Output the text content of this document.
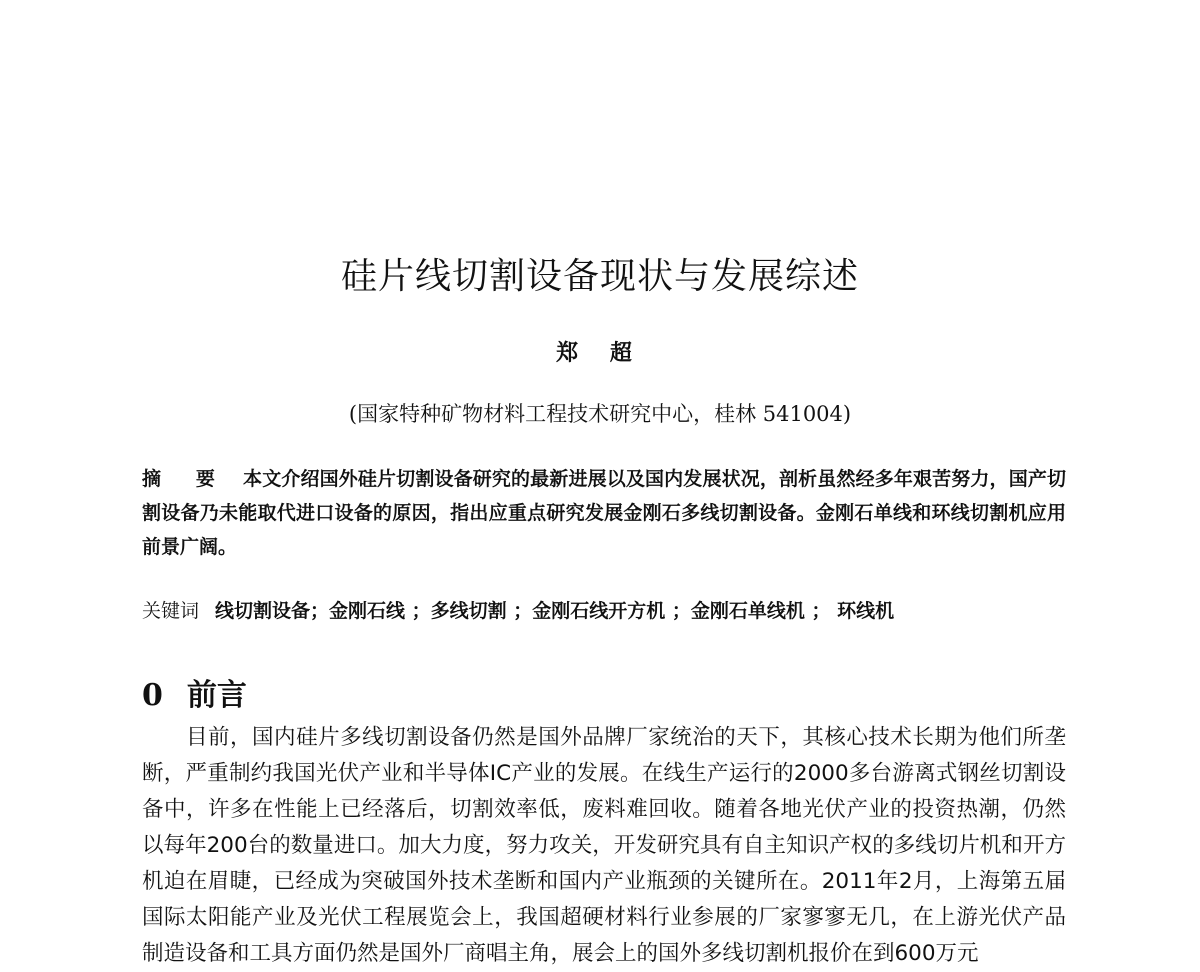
硅片线切割设备现状与发展综述

郑 超

(国家特种矿物材料工程技术研究中心，桂林 541004)

摘 要 本文介绍国外硅片切割设备研究的最新进展以及国内发展状况，剖析虽然经多年艰苦努力，国产切割设备乃未能取代进口设备的原因，指出应重点研究发展金刚石多线切割设备。金刚石单线和环线切割机应用前景广阔。

关键词 线切割设备；金刚石线 ；多线切割 ；金刚石线开方机 ；金刚石单线机 ； 环线机

0 前言

目前，国内硅片多线切割设备仍然是国外品牌厂家统治的天下，其核心技术长期为他们所垄断，严重制约我国光伏产业和半导体IC产业的发展。在线生产运行的2000多台游离式钢丝切割设备中，许多在性能上已经落后，切割效率低，废料难回收。随着各地光伏产业的投资热潮，仍然以每年200台的数量进口。加大力度，努力攻关，开发研究具有自主知识产权的多线切片机和开方机迫在眉睫，已经成为突破国外技术垄断和国内产业瓶颈的关键所在。2011年2月，上海第五届国际太阳能产业及光伏工程展览会上，我国超硬材料行业参展的厂家寥寥无几，在上游光伏产品制造设备和工具方面仍然是国外厂商唱主角，展会上的国外多线切割机报价在到600万元
